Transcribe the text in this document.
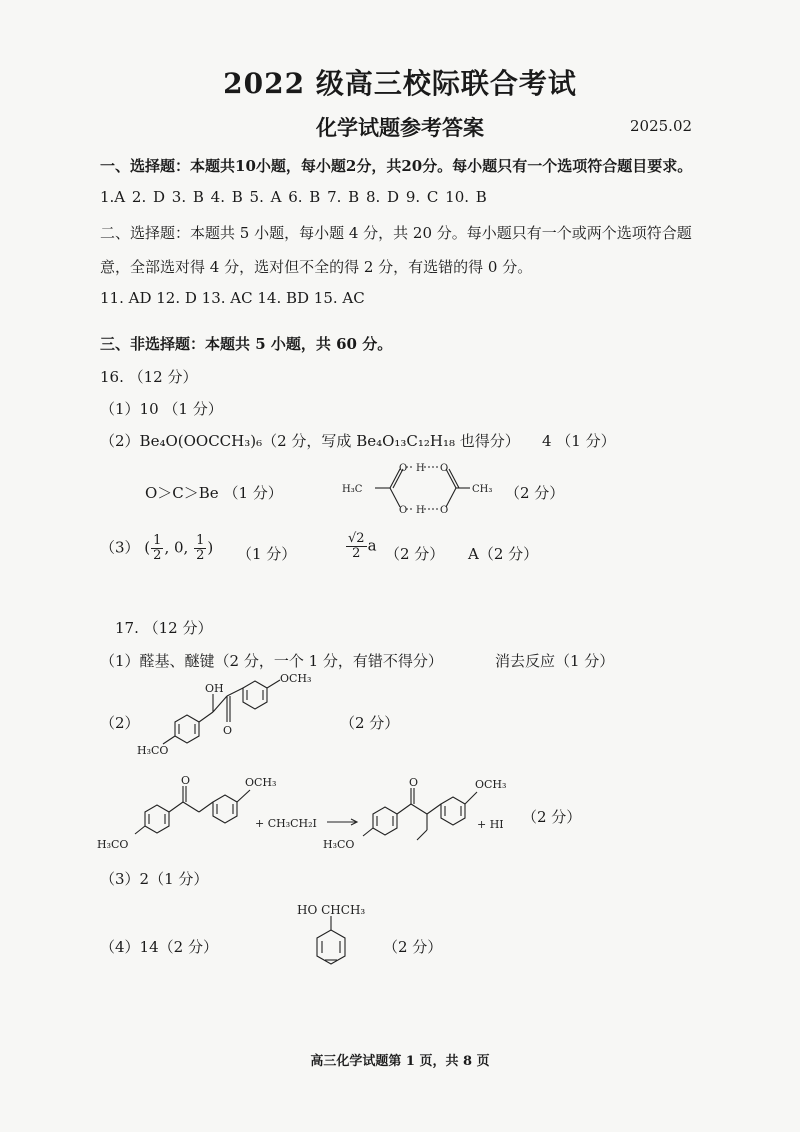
2022 级高三校际联合考试
化学试题参考答案	2025.02
一、选择题：本题共10小题，每小题2分，共20分。每小题只有一个选项符合题目要求。
1.A 2. D 3. B 4. B 5. A 6. B 7. B 8. D 9. C 10. B
二、选择题：本题共 5 小题，每小题 4 分，共 20 分。每小题只有一个或两个选项符合题
意，全部选对得 4 分，选对但不全的得 2 分，有选错的得 0 分。
11. AD 12. D 13. AC 14. BD 15. AC
三、非选择题：本题共 5 小题，共 60 分。
16. （12 分）
（1）10 （1 分）
（2）Be₄O(OOCCH₃)₆（2 分，写成 Be₄O₁₃C₁₂H₁₈ 也得分） 4 （1 分）
O＞C＞Be （1 分）	H₃C
O H O
O H O
CH₃ （2 分）
（3） ( $\frac{1}{2}$ , 0, $\frac{1}{2}$ ) （1 分）	$\frac{√2}{2}$ a （2 分） A（2 分）
17. （12 分）
（1）醛基、醚键（2 分，一个 1 分，有错不得分）	消去反应（1 分）
（2）
OH
O
OCH₃
H₃CO
（2 分）
O	OCH₃
H₃CO
+ CH₃CH₂I
O	OCH₃
H₃CO
+ HI （2 分）
（3）2（1 分）
（4）14（2 分）
HO CHCH₃
（2 分）
高三化学试题第 1 页，共 8 页
